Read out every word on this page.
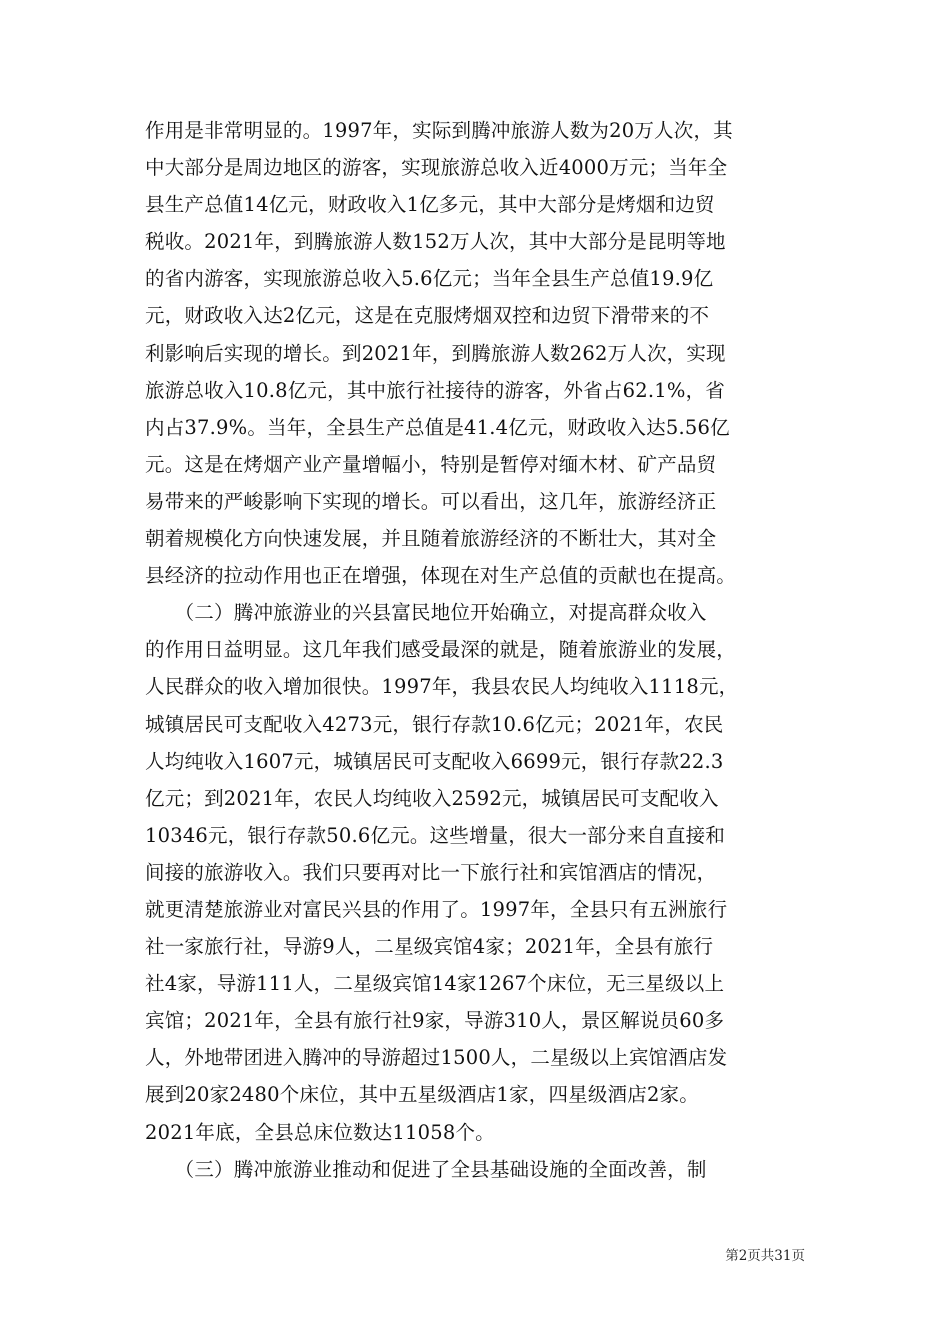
作用是非常明显的。1997年，实际到腾冲旅游人数为20万人次，其
中大部分是周边地区的游客，实现旅游总收入近4000万元；当年全
县生产总值14亿元，财政收入1亿多元，其中大部分是烤烟和边贸
税收。2021年，到腾旅游人数152万人次，其中大部分是昆明等地
的省内游客，实现旅游总收入5.6亿元；当年全县生产总值19.9亿
元，财政收入达2亿元，这是在克服烤烟双控和边贸下滑带来的不
利影响后实现的增长。到2021年，到腾旅游人数262万人次，实现
旅游总收入10.8亿元，其中旅行社接待的游客，外省占62.1%，省
内占37.9%。当年，全县生产总值是41.4亿元，财政收入达5.56亿
元。这是在烤烟产业产量增幅小，特别是暂停对缅木材、矿产品贸
易带来的严峻影响下实现的增长。可以看出，这几年，旅游经济正
朝着规模化方向快速发展，并且随着旅游经济的不断壮大，其对全
县经济的拉动作用也正在增强，体现在对生产总值的贡献也在提高。
　　（二）腾冲旅游业的兴县富民地位开始确立，对提高群众收入
的作用日益明显。这几年我们感受最深的就是，随着旅游业的发展，
人民群众的收入增加很快。1997年，我县农民人均纯收入1118元，
城镇居民可支配收入4273元，银行存款10.6亿元；2021年，农民
人均纯收入1607元，城镇居民可支配收入6699元，银行存款22.3
亿元；到2021年，农民人均纯收入2592元，城镇居民可支配收入
10346元，银行存款50.6亿元。这些增量，很大一部分来自直接和
间接的旅游收入。我们只要再对比一下旅行社和宾馆酒店的情况，
就更清楚旅游业对富民兴县的作用了。1997年，全县只有五洲旅行
社一家旅行社，导游9人，二星级宾馆4家；2021年，全县有旅行
社4家，导游111人，二星级宾馆14家1267个床位，无三星级以上
宾馆；2021年，全县有旅行社9家，导游310人，景区解说员60多
人，外地带团进入腾冲的导游超过1500人，二星级以上宾馆酒店发
展到20家2480个床位，其中五星级酒店1家，四星级酒店2家。
2021年底，全县总床位数达11058个。
　　（三）腾冲旅游业推动和促进了全县基础设施的全面改善，制
第2页共31页
